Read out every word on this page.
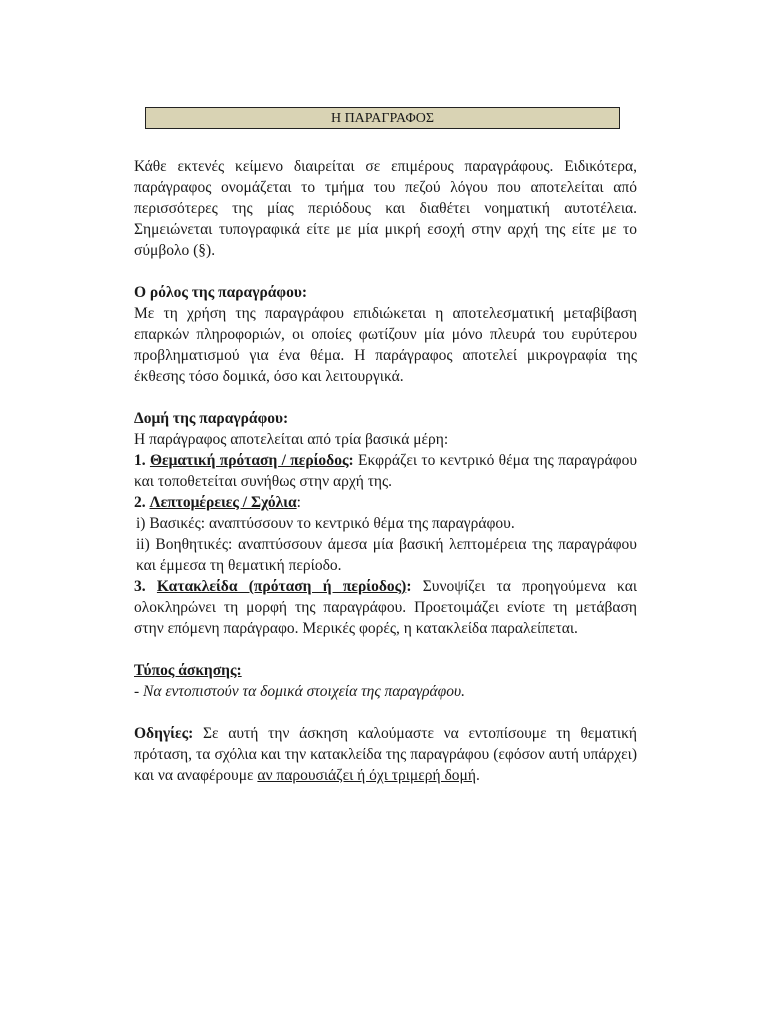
Η ΠΑΡΑΓΡΑΦΟΣ

Κάθε εκτενές κείμενο διαιρείται σε επιμέρους παραγράφους. Ειδικότερα, παράγραφος ονομάζεται το τμήμα του πεζού λόγου που αποτελείται από περισσότερες της μίας περιόδους και διαθέτει νοηματική αυτοτέλεια. Σημειώνεται τυπογραφικά είτε με μία μικρή εσοχή στην αρχή της είτε με το σύμβολο (§).

Ο ρόλος της παραγράφου:

Με τη χρήση της παραγράφου επιδιώκεται η αποτελεσματική μεταβίβαση επαρκών πληροφοριών, οι οποίες φωτίζουν μία μόνο πλευρά του ευρύτερου προβληματισμού για ένα θέμα. Η παράγραφος αποτελεί μικρογραφία της έκθεσης τόσο δομικά, όσο και λειτουργικά.

Δομή της παραγράφου:
Η παράγραφος αποτελείται από τρία βασικά μέρη:
1. Θεματική πρόταση / περίοδος: Εκφράζει το κεντρικό θέμα της παραγράφου και τοποθετείται συνήθως στην αρχή της.
2. Λεπτομέρειες / Σχόλια:
i) Βασικές: αναπτύσσουν το κεντρικό θέμα της παραγράφου.
ii) Βοηθητικές: αναπτύσσουν άμεσα μία βασική λεπτομέρεια της παραγράφου και έμμεσα τη θεματική περίοδο.
3. Κατακλείδα (πρόταση ή περίοδος): Συνοψίζει τα προηγούμενα και ολοκληρώνει τη μορφή της παραγράφου. Προετοιμάζει ενίοτε τη μετάβαση στην επόμενη παράγραφο. Μερικές φορές, η κατακλείδα παραλείπεται.
Τύπος άσκησης:
- Να εντοπιστούν τα δομικά στοιχεία της παραγράφου.

Οδηγίες: Σε αυτή την άσκηση καλούμαστε να εντοπίσουμε τη θεματική πρόταση, τα σχόλια και την κατακλείδα της παραγράφου (εφόσον αυτή υπάρχει) και να αναφέρουμε αν παρουσιάζει ή όχι τριμερή δομή.
